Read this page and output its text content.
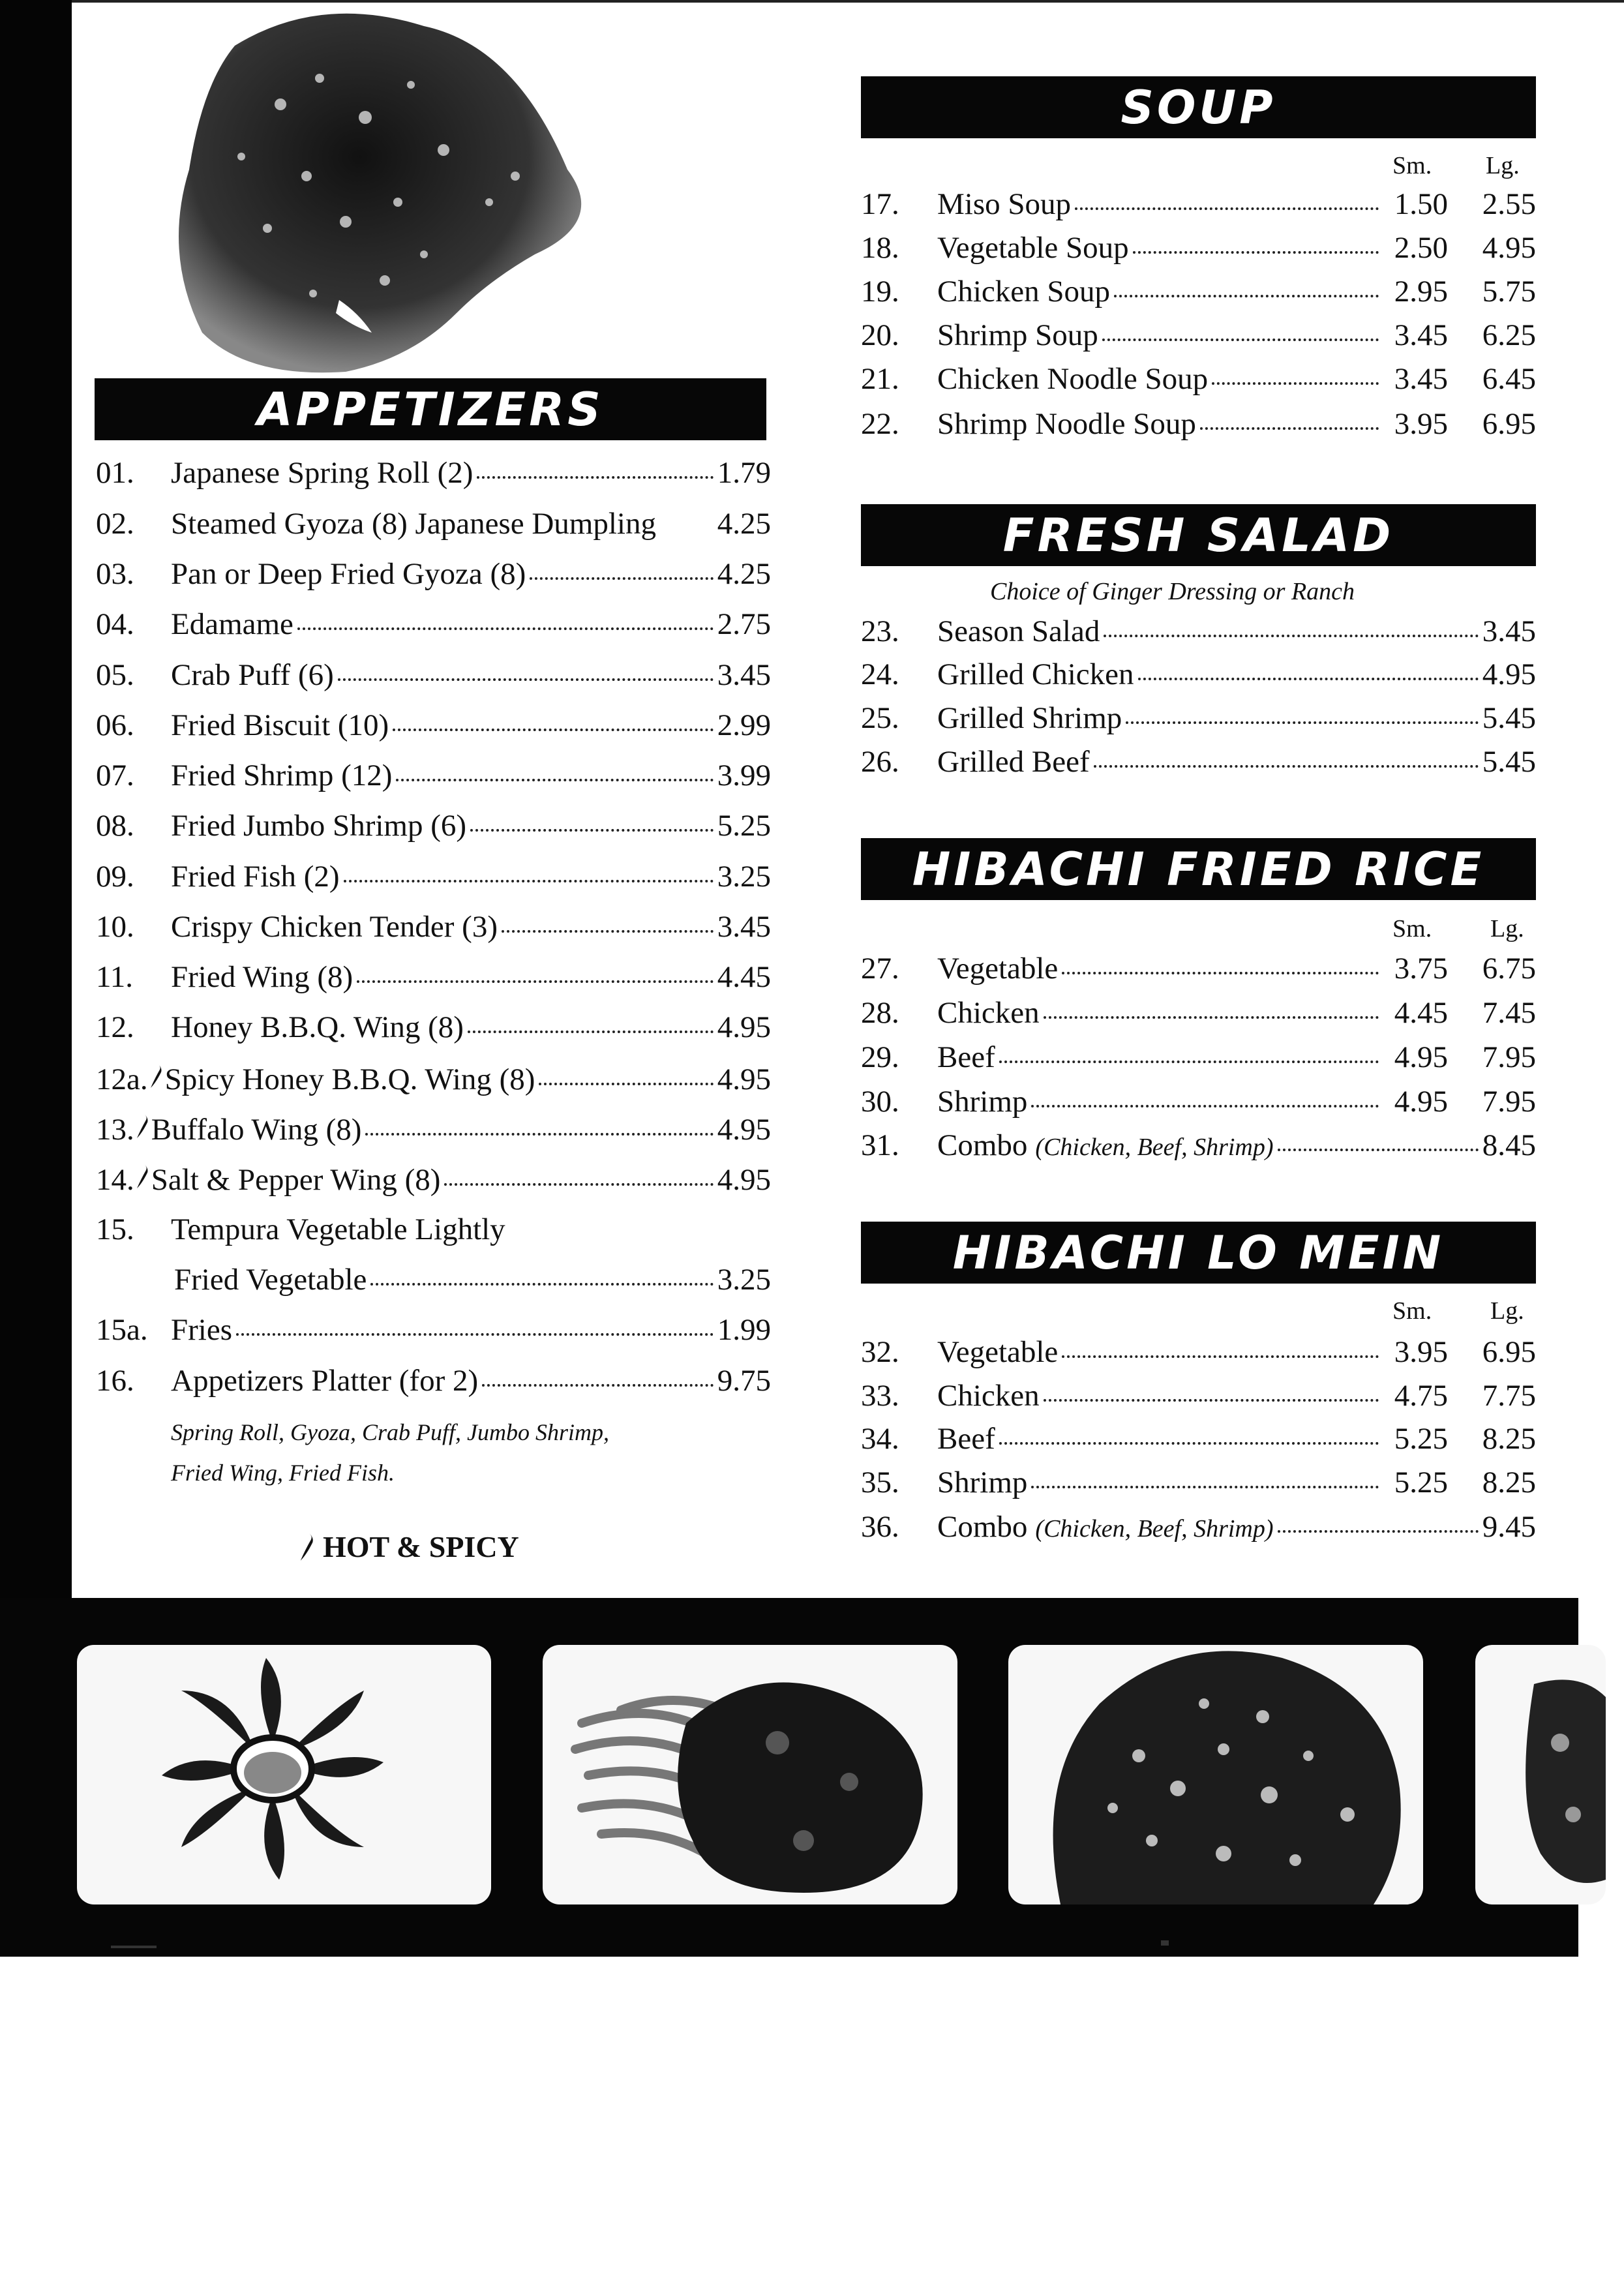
APPETIZERS
01.	Japanese Spring Roll (2)	1.79
02.	Steamed Gyoza (8) Japanese Dumpling 4.25
03.	Pan or Deep Fried Gyoza (8)	4.25
04.	Edamame	2.75
05.	Crab Puff (6)	3.45
06.	Fried Biscuit (10)	2.99
07.	Fried Shrimp (12)	3.99
08.	Fried Jumbo Shrimp (6)	5.25
09.	Fried Fish (2)	3.25
10.	Crispy Chicken Tender (3)	3.45
11.	Fried Wing (8)	4.45
12.	Honey B.B.Q. Wing (8)	4.95
12a. Spicy Honey B.B.Q. Wing (8)	4.95
13. Buffalo Wing (8)	4.95
14. Salt & Pepper Wing (8)	4.95
15.	Tempura Vegetable Lightly
Fried Vegetable	3.25
15a. Fries	1.99
16.	Appetizers Platter (for 2)	9.75
Spring Roll, Gyoza, Crab Puff, Jumbo Shrimp,
Fried Wing, Fried Fish.
HOT & SPICY
SOUP
Sm. Lg.
17.	Miso Soup	1.50	2.55
18.	Vegetable Soup	2.50	4.95
19.	Chicken Soup	2.95	5.75
20.	Shrimp Soup	3.45	6.25
21.	Chicken Noodle Soup	3.45	6.45
22.	Shrimp Noodle Soup	3.95	6.95
FRESH SALAD
Choice of Ginger Dressing or Ranch
23.	Season Salad	3.45
24.	Grilled Chicken	4.95
25.	Grilled Shrimp	5.45
26.	Grilled Beef	5.45
HIBACHI FRIED RICE
Sm. Lg.
27.	Vegetable	3.75	6.75
28.	Chicken	4.45	7.45
29.	Beef	4.95	7.95
30.	Shrimp	4.95	7.95
31.	Combo (Chicken, Beef, Shrimp)	8.45
HIBACHI LO MEIN
Sm. Lg.
32.	Vegetable	3.95	6.95
33.	Chicken	4.75	7.75
34.	Beef	5.25	8.25
35.	Shrimp	5.25	8.25
36.	Combo (Chicken, Beef, Shrimp)	9.45
